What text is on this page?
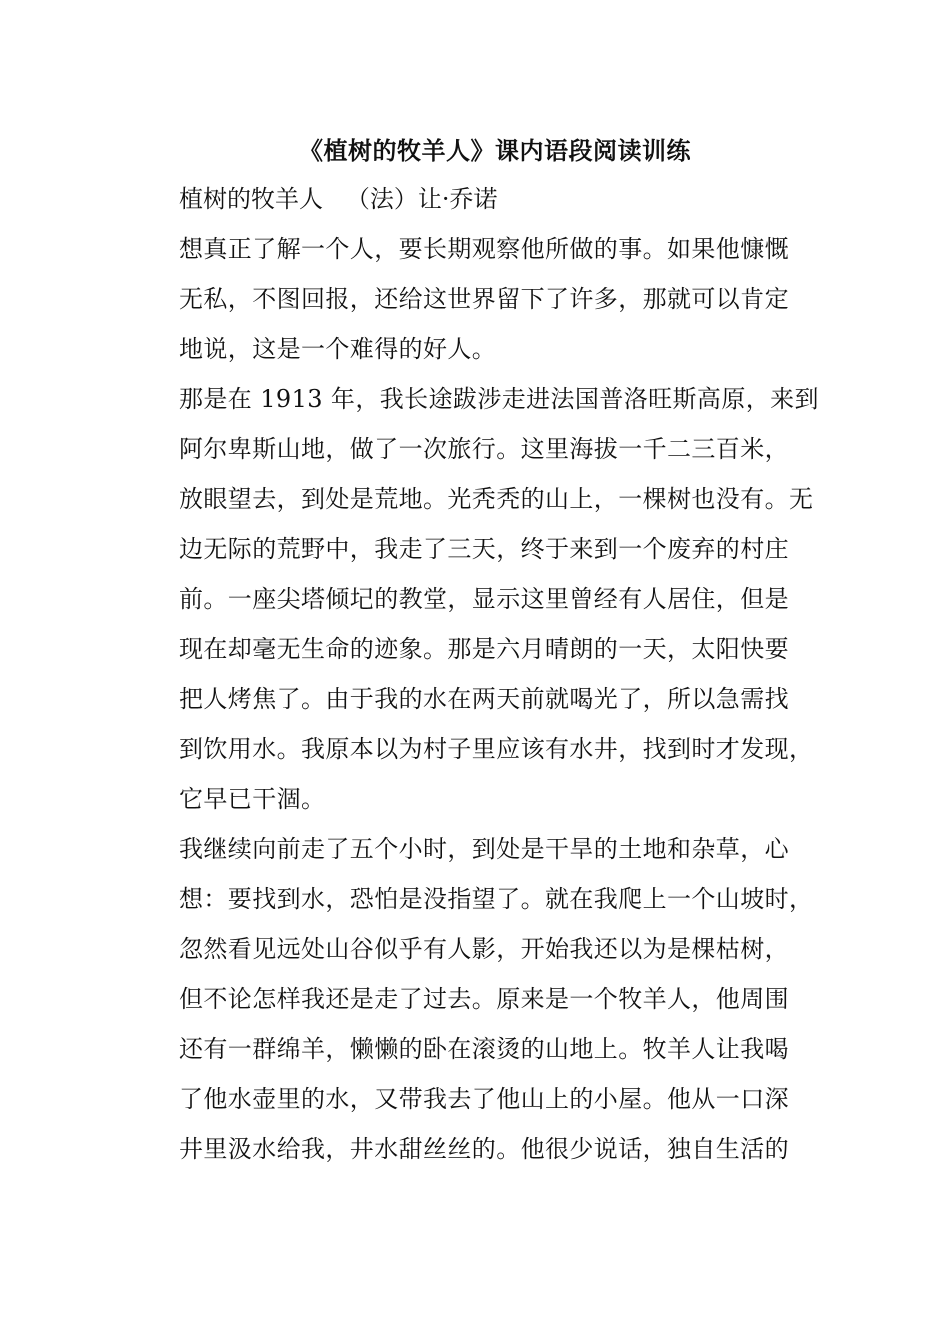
《植树的牧羊人》课内语段阅读训练
植树的牧羊人   （法）让·乔诺
想真正了解一个人，要长期观察他所做的事。如果他慷慨
无私，不图回报，还给这世界留下了许多，那就可以肯定
地说，这是一个难得的好人。
那是在 1913 年，我长途跋涉走进法国普洛旺斯高原，来到
阿尔卑斯山地，做了一次旅行。这里海拔一千二三百米，
放眼望去，到处是荒地。光秃秃的山上，一棵树也没有。无
边无际的荒野中，我走了三天，终于来到一个废弃的村庄
前。一座尖塔倾圮的教堂，显示这里曾经有人居住，但是
现在却毫无生命的迹象。那是六月晴朗的一天，太阳快要
把人烤焦了。由于我的水在两天前就喝光了，所以急需找
到饮用水。我原本以为村子里应该有水井，找到时才发现，
它早已干涸。
我继续向前走了五个小时，到处是干旱的土地和杂草，心
想：要找到水，恐怕是没指望了。就在我爬上一个山坡时，
忽然看见远处山谷似乎有人影，开始我还以为是棵枯树，
但不论怎样我还是走了过去。原来是一个牧羊人，他周围
还有一群绵羊，懒懒的卧在滚烫的山地上。牧羊人让我喝
了他水壶里的水，又带我去了他山上的小屋。他从一口深
井里汲水给我，井水甜丝丝的。他很少说话，独自生活的
